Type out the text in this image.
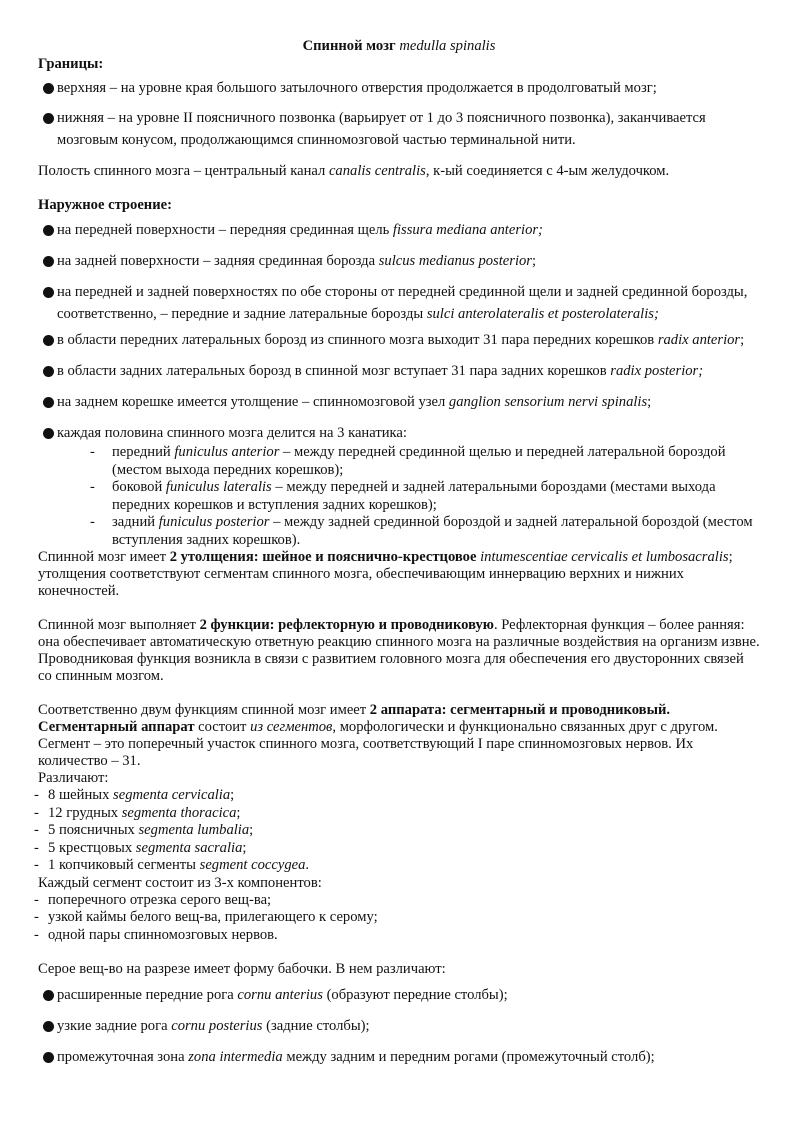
Спинной мозг medulla spinalis

Границы:

верхняя – на уровне края большого затылочного отверстия продолжается в продолговатый мозг;

нижняя – на уровне II поясничного позвонка (варьирует от 1 до 3 поясничного позвонка), заканчивается мозговым конусом, продолжающимся спинномозговой частью терминальной нити.

Полость спинного мозга – центральный канал canalis centralis, к-ый соединяется с 4-ым желудочком.

Наружное строение:

на передней поверхности – передняя срединная щель fissura mediana anterior;

на задней поверхности – задняя срединная борозда sulcus medianus posterior;

на передней и задней поверхностях по обе стороны от передней срединной щели и задней срединной борозды, соответственно, – передние и задние латеральные борозды sulci anterolateralis et posterolateralis;

в области передних латеральных борозд из спинного мозга выходит 31 пара передних корешков radix anterior;

в области задних латеральных борозд в спинной мозг вступает 31 пара задних корешков radix posterior;

на заднем корешке имеется утолщение – спинномозговой узел ganglion sensorium nervi spinalis;

каждая половина спинного мозга делится на 3 канатика:

- передний funiculus anterior – между передней срединной щелью и передней латеральной бороздой (местом выхода передних корешков);
- боковой funiculus lateralis – между передней и задней латеральными бороздами (местами выхода передних корешков и вступления задних корешков);
- задний funiculus posterior – между задней срединной бороздой и задней латеральной бороздой (местом вступления задних корешков).

Спинной мозг имеет 2 утолщения: шейное и пояснично-крестцовое intumescentiae cervicalis et lumbosacralis; утолщения соответствуют сегментам спинного мозга, обеспечивающим иннервацию верхних и нижних конечностей.

Спинной мозг выполняет 2 функции: рефлекторную и проводниковую. Рефлекторная функция – более ранняя: она обеспечивает автоматическую ответную реакцию спинного мозга на различные воздействия на организм извне. Проводниковая функция возникла в связи с развитием головного мозга для обеспечения его двусторонних связей со спинным мозгом.

Соответственно двум функциям спинной мозг имеет 2 аппарата: сегментарный и проводниковый.
Сегментарный аппарат состоит из сегментов, морфологически и функционально связанных друг с другом.
Сегмент – это поперечный участок спинного мозга, соответствующий I паре спинномозговых нервов. Их количество – 31.

Различают:

- 8 шейных segmenta cervicalia;
- 12 грудных segmenta thoracica;
- 5 поясничных segmenta lumbalia;
- 5 крестцовых segmenta sacralia;
- 1 копчиковый сегменты segment coccygea.

Каждый сегмент состоит из 3-х компонентов:

- поперечного отрезка серого вещ-ва;
- узкой каймы белого вещ-ва, прилегающего к серому;
- одной пары спинномозговых нервов.

Серое вещ-во на разрезе имеет форму бабочки. В нем различают:

расширенные передние рога cornu anterius (образуют передние столбы);

узкие задние рога cornu posterius (задние столбы);

промежуточная зона zona intermedia между задним и передним рогами (промежуточный столб);
